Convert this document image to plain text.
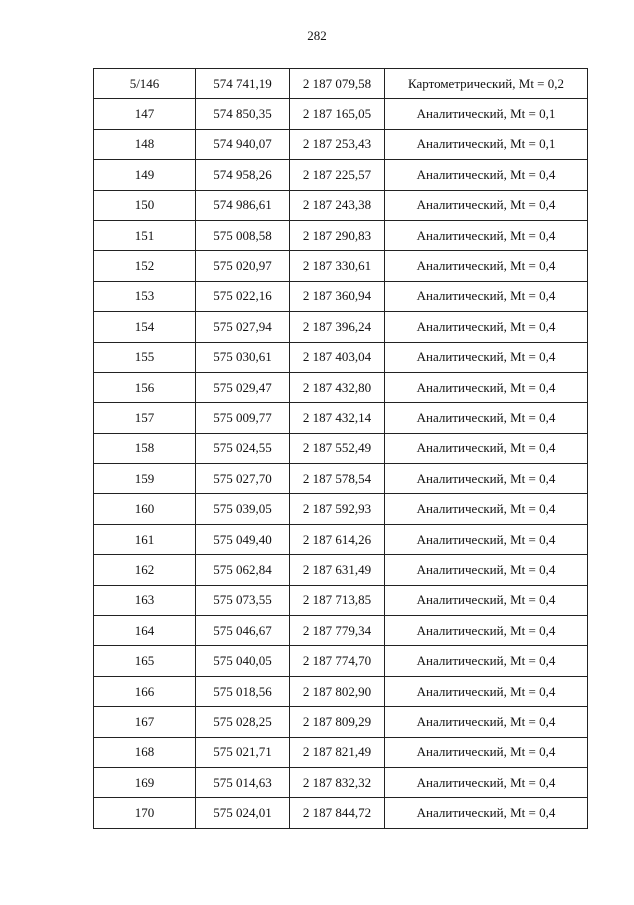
282
5/146	574 741,19	2 187 079,58	Картометрический, Mt = 0,2
147	574 850,35	2 187 165,05	Аналитический, Mt = 0,1
148	574 940,07	2 187 253,43	Аналитический, Mt = 0,1
149	574 958,26	2 187 225,57	Аналитический, Mt = 0,4
150	574 986,61	2 187 243,38	Аналитический, Mt = 0,4
151	575 008,58	2 187 290,83	Аналитический, Mt = 0,4
152	575 020,97	2 187 330,61	Аналитический, Mt = 0,4
153	575 022,16	2 187 360,94	Аналитический, Mt = 0,4
154	575 027,94	2 187 396,24	Аналитический, Mt = 0,4
155	575 030,61	2 187 403,04	Аналитический, Mt = 0,4
156	575 029,47	2 187 432,80	Аналитический, Mt = 0,4
157	575 009,77	2 187 432,14	Аналитический, Mt = 0,4
158	575 024,55	2 187 552,49	Аналитический, Mt = 0,4
159	575 027,70	2 187 578,54	Аналитический, Mt = 0,4
160	575 039,05	2 187 592,93	Аналитический, Mt = 0,4
161	575 049,40	2 187 614,26	Аналитический, Mt = 0,4
162	575 062,84	2 187 631,49	Аналитический, Mt = 0,4
163	575 073,55	2 187 713,85	Аналитический, Mt = 0,4
164	575 046,67	2 187 779,34	Аналитический, Mt = 0,4
165	575 040,05	2 187 774,70	Аналитический, Mt = 0,4
166	575 018,56	2 187 802,90	Аналитический, Mt = 0,4
167	575 028,25	2 187 809,29	Аналитический, Mt = 0,4
168	575 021,71	2 187 821,49	Аналитический, Mt = 0,4
169	575 014,63	2 187 832,32	Аналитический, Mt = 0,4
170	575 024,01	2 187 844,72	Аналитический, Mt = 0,4
